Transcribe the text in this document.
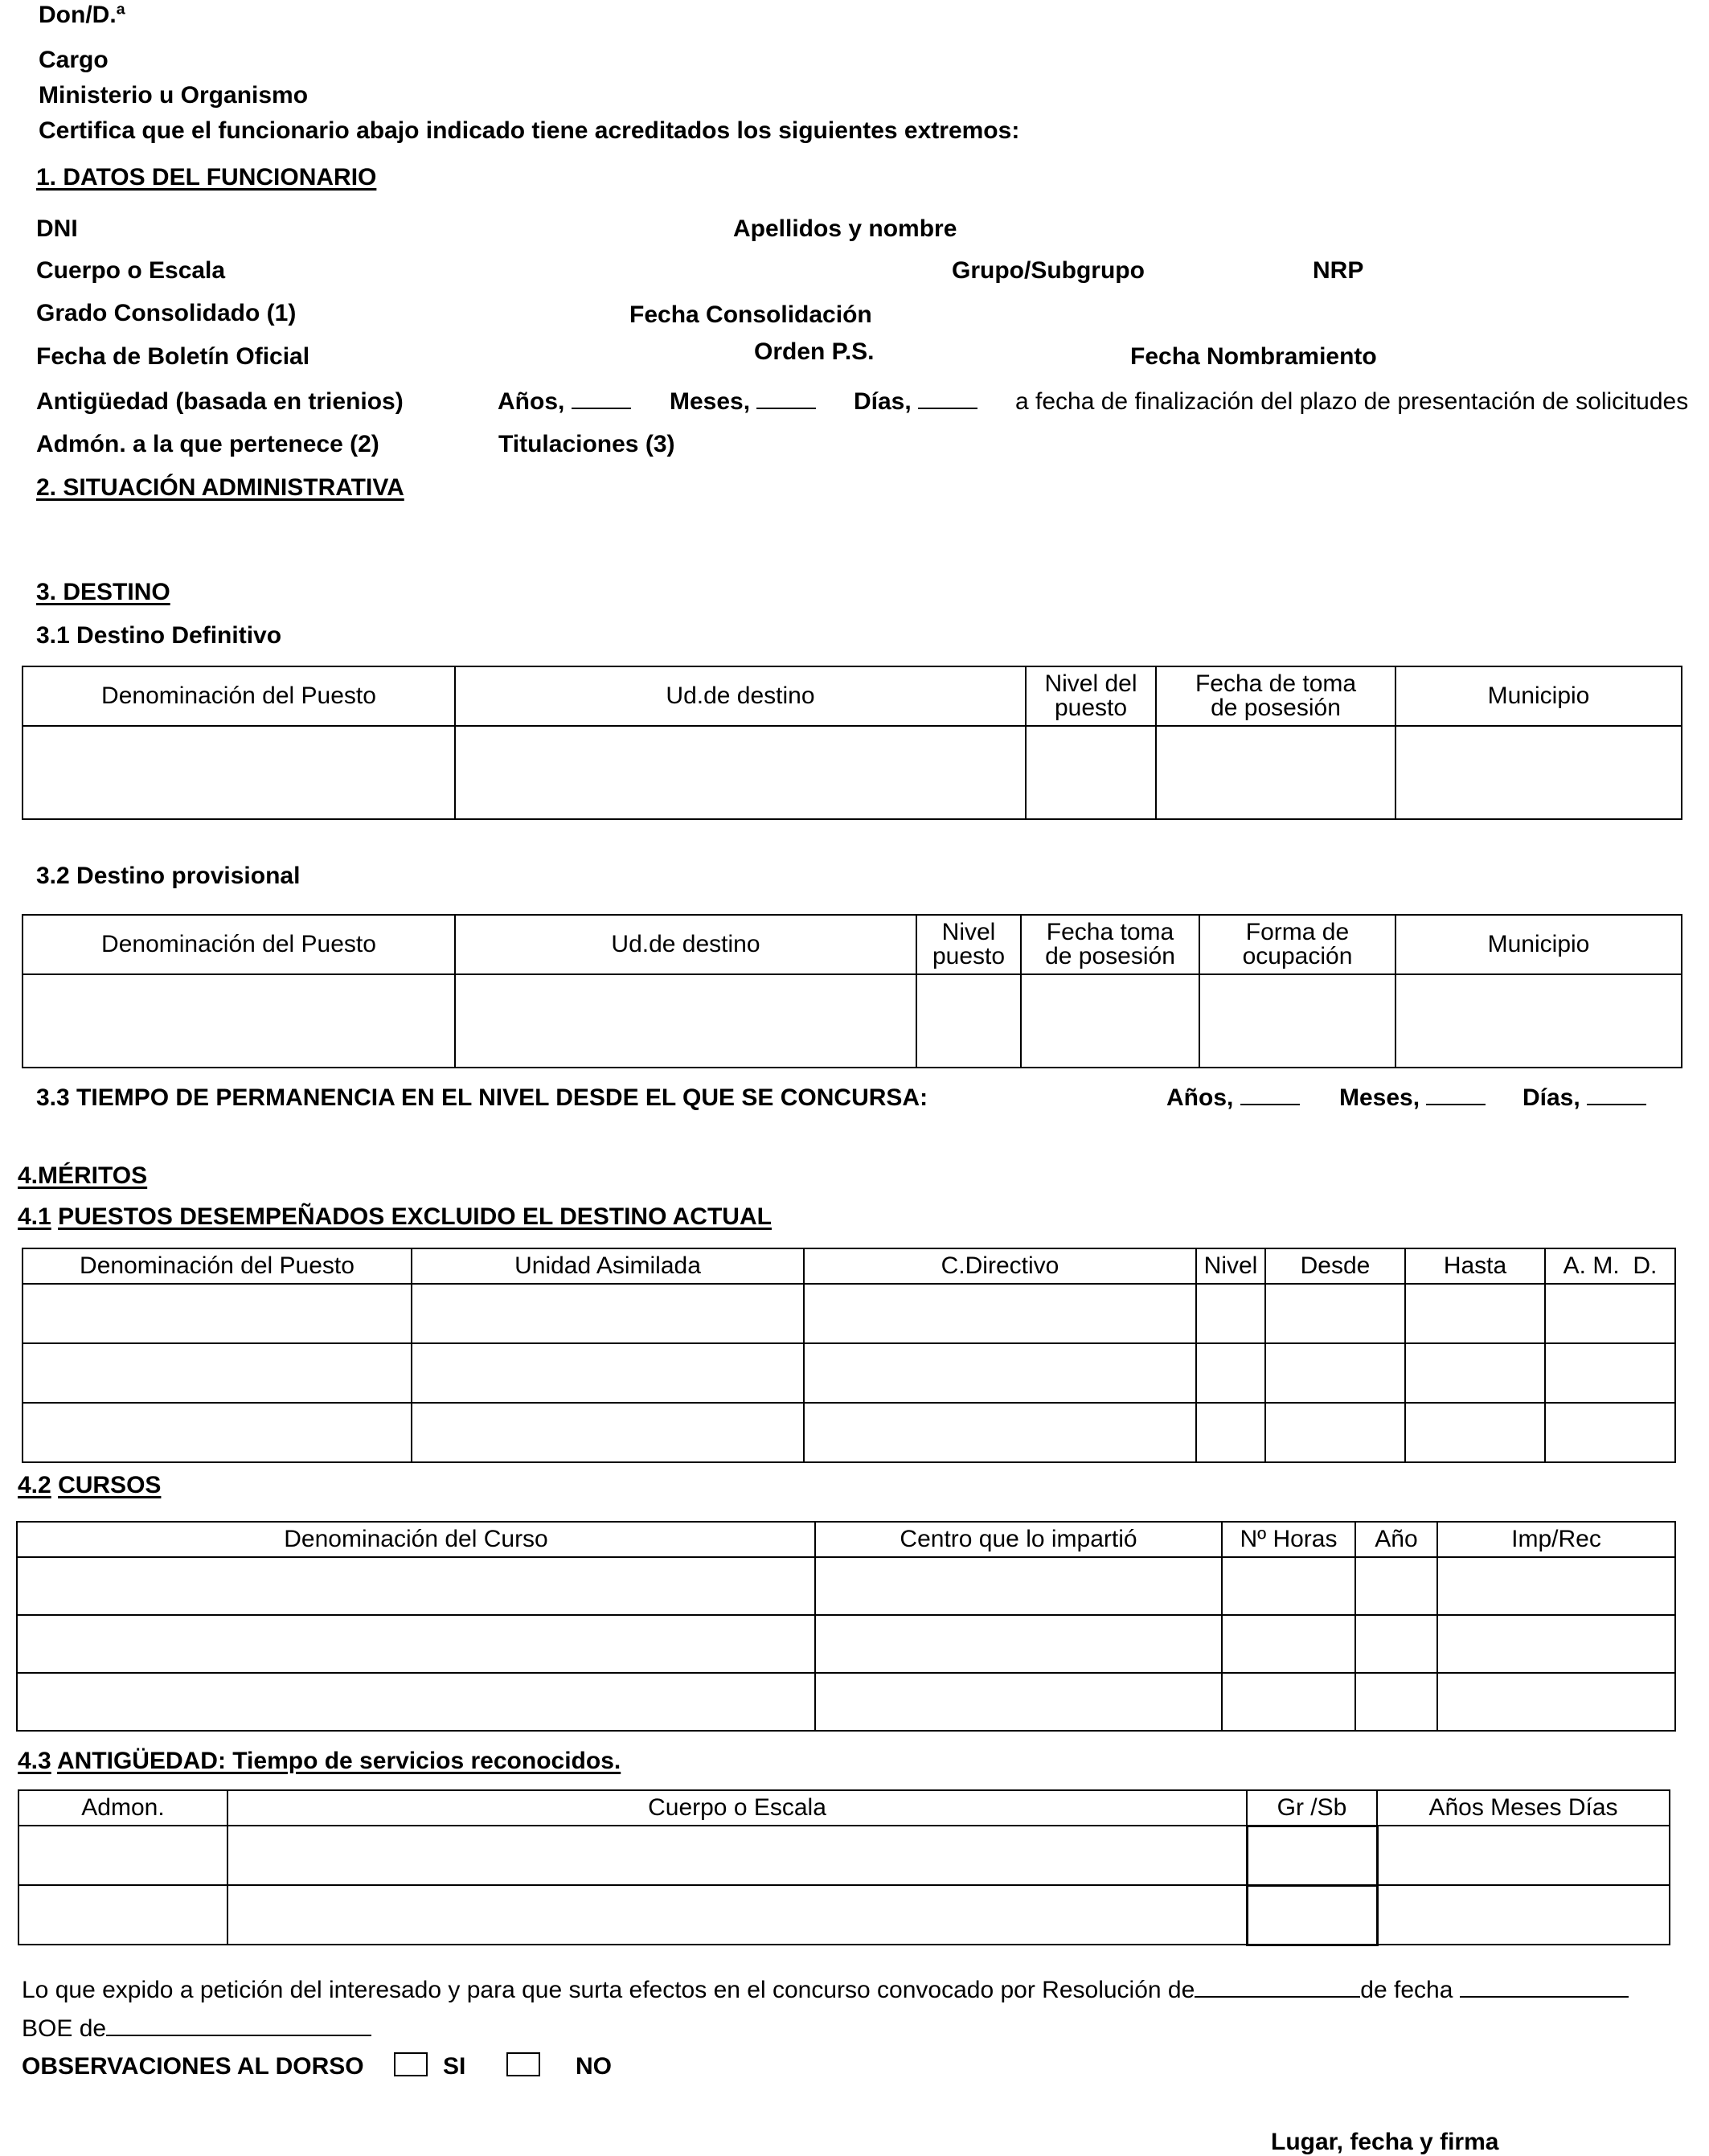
Don/D.ª
Cargo
Ministerio u Organismo
Certifica que el funcionario abajo indicado tiene acreditados los siguientes extremos:
1. DATOS DEL FUNCIONARIO
DNI	Apellidos y nombre
Cuerpo o Escala	Grupo/Subgrupo	NRP
Grado Consolidado (1)	Fecha Consolidación
Fecha de Boletín Oficial	Orden P.S.	Fecha Nombramiento
Antigüedad (basada en trienios)	Años,	Meses,	Días,	a fecha de finalización del plazo de presentación de solicitudes
Admón. a la que pertenece (2)	Titulaciones (3)
2. SITUACIÓN ADMINISTRATIVA
3. DESTINO
3.1 Destino Definitivo
Denominación del Puesto	Ud.de destino	Nivel del puesto	Fecha de toma de posesión	Municipio

3.2 Destino provisional
Denominación del Puesto	Ud.de destino	Nivel puesto	Fecha toma de posesión	Forma de ocupación	Municipio

3.3 TIEMPO DE PERMANENCIA EN EL NIVEL DESDE EL QUE SE CONCURSA:	Años,	Meses,	Días,
4.MÉRITOS
4.1 PUESTOS DESEMPEÑADOS EXCLUIDO EL DESTINO ACTUAL
Denominación del Puesto	Unidad Asimilada	C.Directivo	Nivel	Desde	Hasta	A. M.  D.

4.2 CURSOS
Denominación del Curso	Centro que lo impartió	Nº Horas	Año	Imp/Rec

4.3 ANTIGÜEDAD: Tiempo de servicios reconocidos.
Admon.	Cuerpo o Escala	Gr /Sb	Años Meses Días

Lo que expido a petición del interesado y para que surta efectos en el concurso convocado por Resolución de	de fecha
BOE de
OBSERVACIONES AL DORSO	SI	NO
Lugar, fecha y firma
